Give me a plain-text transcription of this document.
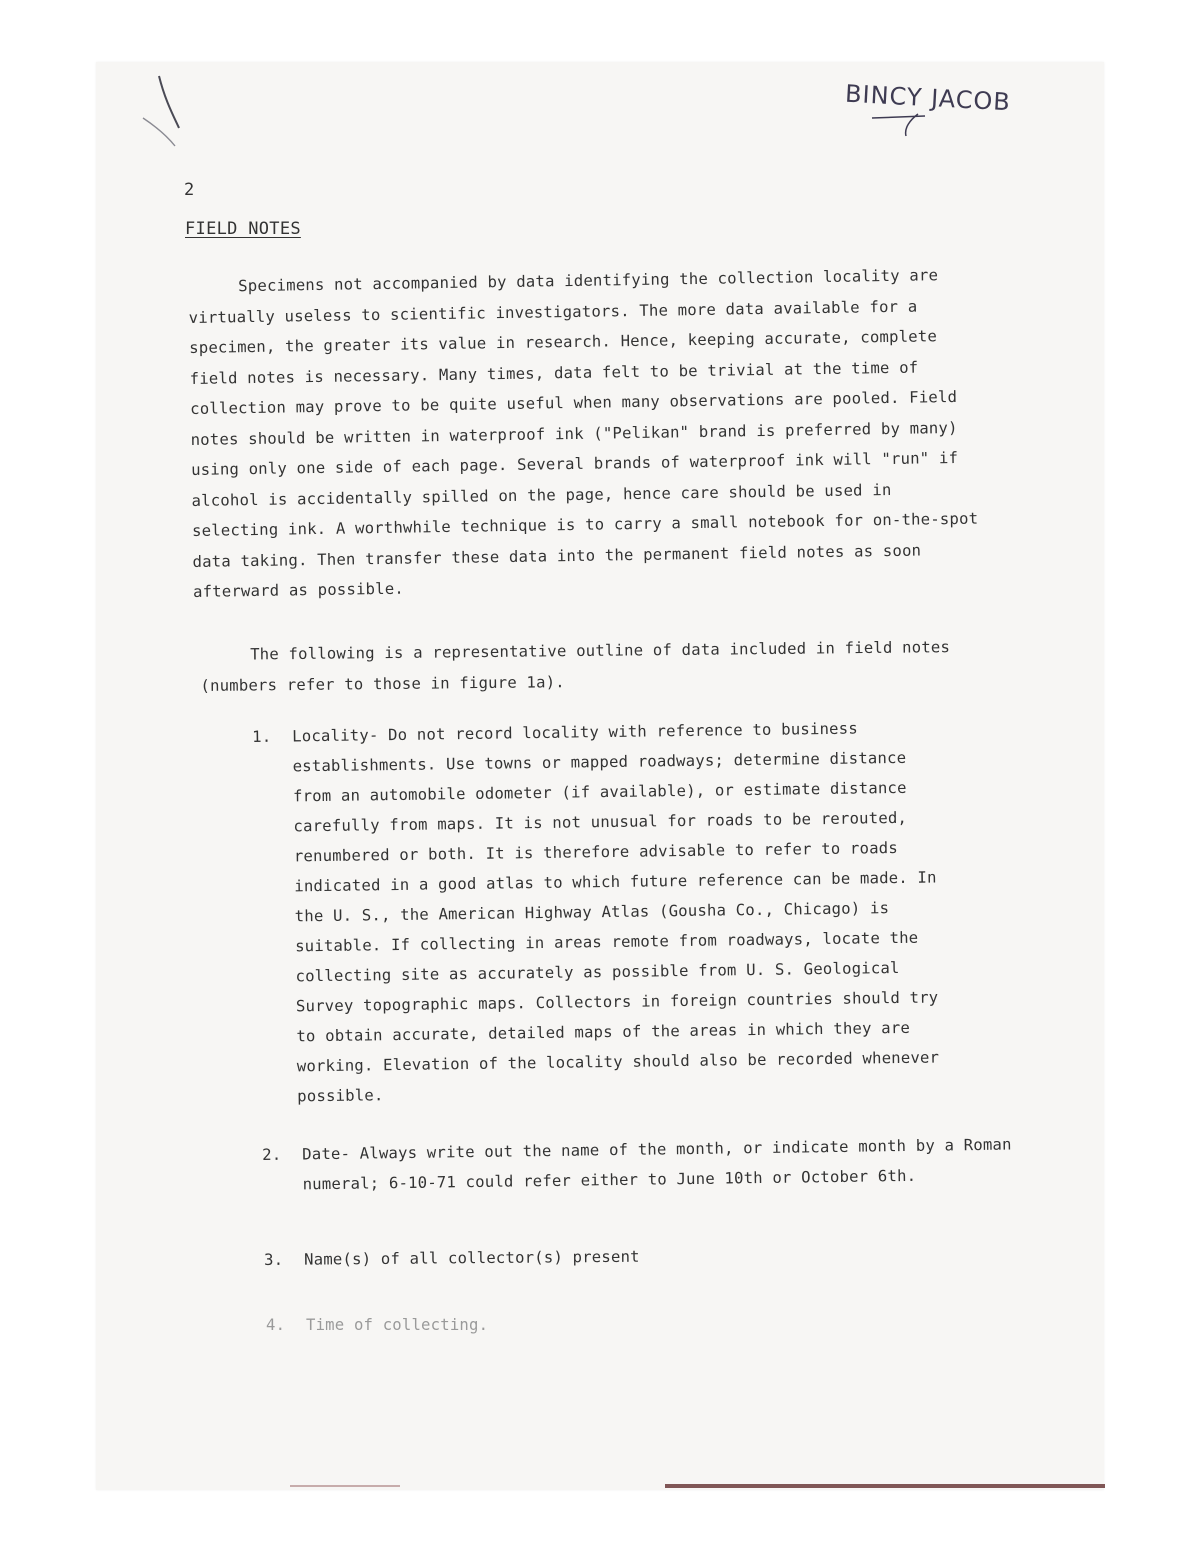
BINCY JACOB
2
FIELD NOTES
Specimens not accompanied by data identifying the collection locality are virtually useless to scientific investigators. The more data available for a specimen, the greater its value in research. Hence, keeping accurate, complete field notes is necessary. Many times, data felt to be trivial at the time of collection may prove to be quite useful when many observations are pooled. Field notes should be written in waterproof ink ("Pelikan" brand is preferred by many) using only one side of each page. Several brands of waterproof ink will "run" if alcohol is accidentally spilled on the page, hence care should be used in selecting ink. A worthwhile technique is to carry a small notebook for on-the-spot data taking. Then transfer these data into the permanent field notes as soon afterward as possible.
The following is a representative outline of data included in field notes (numbers refer to those in figure 1a).
1.	Locality- Do not record locality with reference to business establishments. Use towns or mapped roadways; determine distance from an automobile odometer (if available), or estimate distance carefully from maps. It is not unusual for roads to be rerouted, renumbered or both. It is therefore advisable to refer to roads indicated in a good atlas to which future reference can be made. In the U. S., the American Highway Atlas (Gousha Co., Chicago) is suitable. If collecting in areas remote from roadways, locate the collecting site as accurately as possible from U. S. Geological Survey topographic maps. Collectors in foreign countries should try to obtain accurate, detailed maps of the areas in which they are working. Elevation of the locality should also be recorded whenever possible.
2.	Date- Always write out the name of the month, or indicate month by a Roman numeral; 6-10-71 could refer either to June 10th or October 6th.
3.	Name(s) of all collector(s) present
4.	Time of collecting.
